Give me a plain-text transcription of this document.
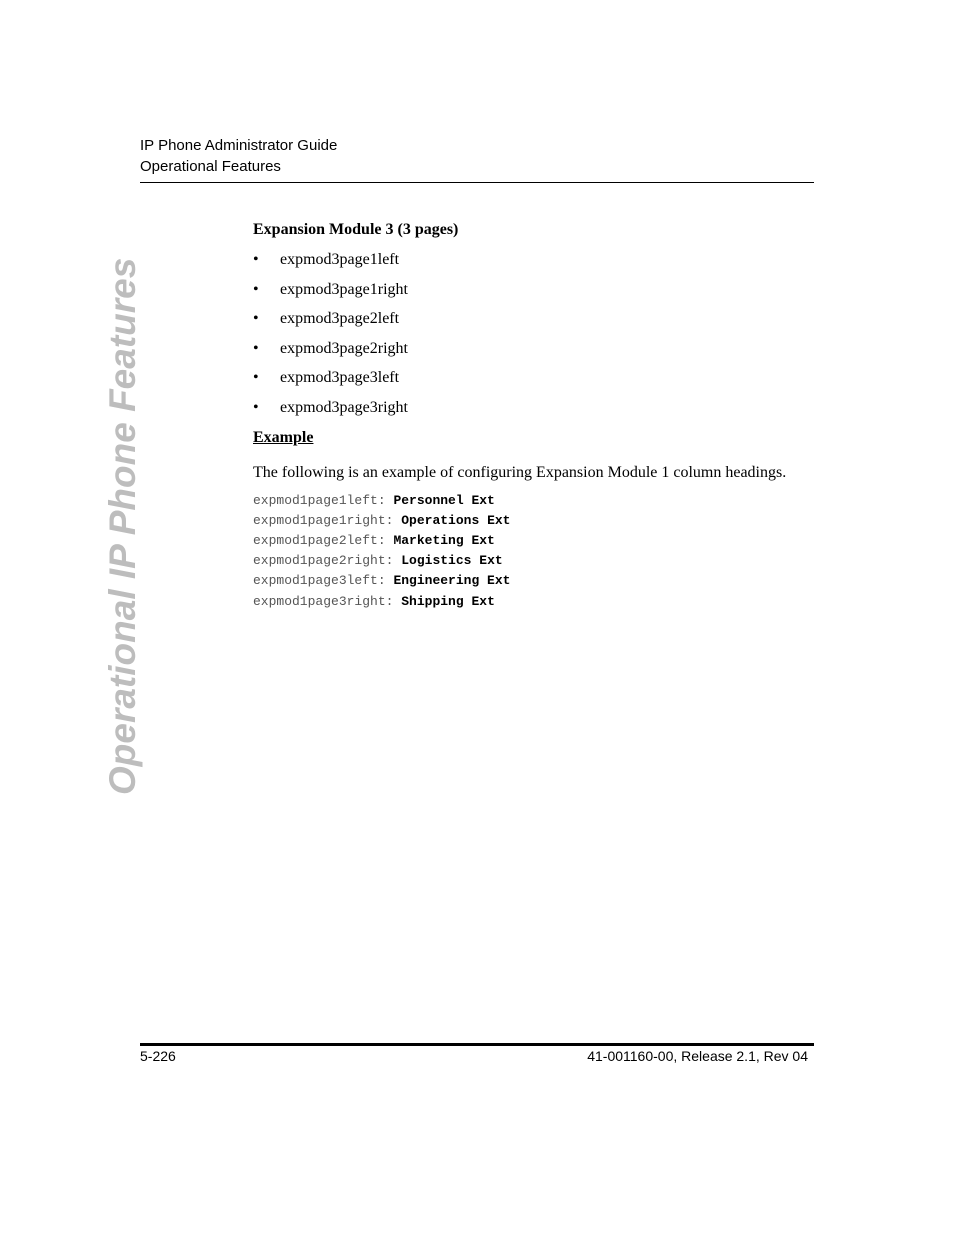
IP Phone Administrator Guide
Operational Features
Operational IP Phone Features

Expansion Module 3 (3 pages)

• expmod3page1left
• expmod3page1right
• expmod3page2left
• expmod3page2right
• expmod3page3left
• expmod3page3right

Example

The following is an example of configuring Expansion Module 1 column headings.

expmod1page1left: Personnel Ext
expmod1page1right: Operations Ext
expmod1page2left: Marketing Ext
expmod1page2right: Logistics Ext
expmod1page3left: Engineering Ext
expmod1page3right: Shipping Ext
5-226	41-001160-00, Release 2.1, Rev 04
